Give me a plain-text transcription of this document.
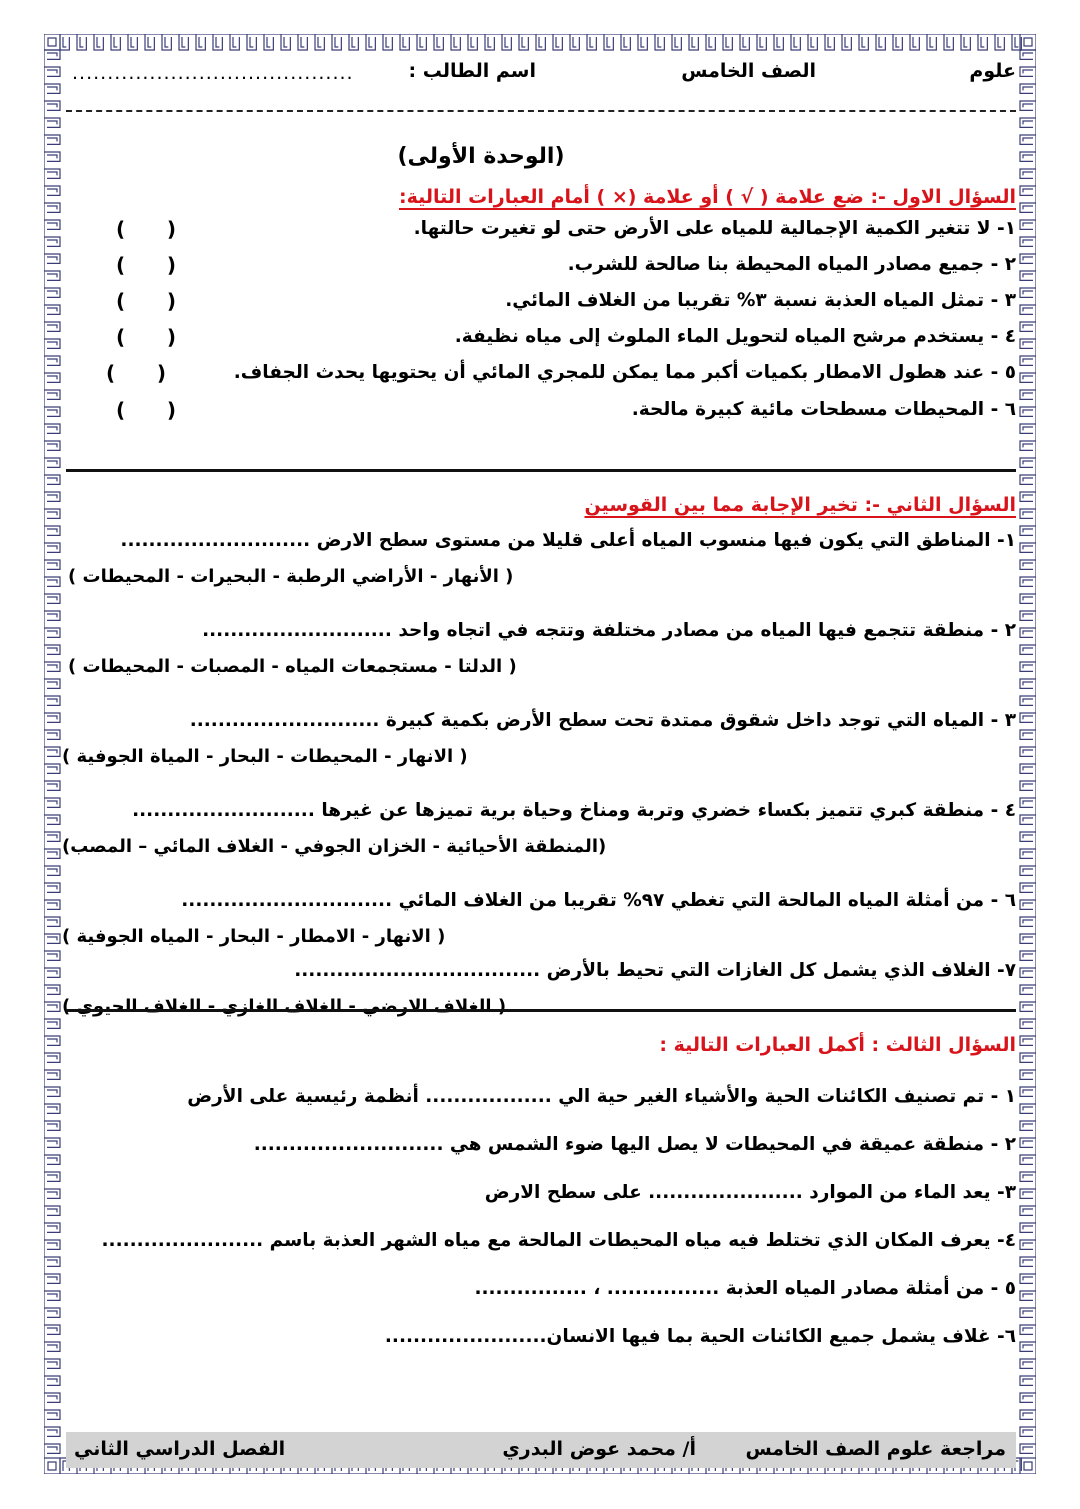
علوم
الصف الخامس
اسم الطالب :
........................................
(الوحدة الأولى)
السؤال الاول -: ضع علامة ( √ ) أو علامة (× ) أمام العبارات التالية:
١- لا تتغير الكمية الإجمالية للمياه على الأرض حتى لو تغيرت حالتها.
( )
٢ - جميع مصادر المياه المحيطة بنا صالحة للشرب.
( )
٣ - تمثل المياه العذبة نسبة ٣% تقريبا من الغلاف المائي.
( )
٤ - يستخدم مرشح المياه لتحويل الماء الملوث إلى مياه نظيفة.
( )
٥ - عند هطول الامطار بكميات أكبر مما يمكن للمجري المائي أن يحتويها يحدث الجفاف.
( )
٦ - المحيطات مسطحات مائية كبيرة مالحة.
( )
السؤال الثاني -: تخير الإجابة مما بين القوسين
١- المناطق التي يكون فيها منسوب المياه أعلى قليلا من مستوى سطح الارض ...........................
( الأنهار - الأراضي الرطبة - البحيرات - المحيطات )
٢ - منطقة تتجمع فيها المياه من مصادر مختلفة وتتجه في اتجاه واحد ...........................
( الدلتا - مستجمعات المياه - المصبات - المحيطات )
٣ - المياه التي توجد داخل شقوق ممتدة تحت سطح الأرض بكمية كبيرة ...........................
( الانهار - المحيطات - البحار - المياة الجوفية )
٤ - منطقة كبري تتميز بكساء خضري وتربة ومناخ وحياة برية تميزها عن غيرها ..........................
(المنطقة الأحيائية - الخزان الجوفي - الغلاف المائي – المصب)
٦ - من أمثلة المياه المالحة التي تغطي ٩٧% تقريبا من الغلاف المائي ..............................
( الانهار - الامطار - البحار - المياه الجوفية )
٧- الغلاف الذي يشمل كل الغازات التي تحيط بالأرض ...................................
( الغلاف الارضي - الغلاف الغازي - الغلاف الحيوي )
السؤال الثالث : أكمل العبارات التالية :
١ - تم تصنيف الكائنات الحية والأشياء الغير حية الي .................. أنظمة رئيسية على الأرض
٢ - منطقة عميقة في المحيطات لا يصل اليها ضوء الشمس هي ...........................
٣- يعد الماء من الموارد ...................... على سطح الارض
٤- يعرف المكان الذي تختلط فيه مياه المحيطات المالحة مع مياه الشهر العذبة باسم .......................
٥ - من أمثلة مصادر المياه العذبة ................ ، ................
٦- غلاف يشمل جميع الكائنات الحية بما فيها الانسان.......................
مراجعة علوم الصف الخامس
أ/ محمد عوض البدري
الفصل الدراسي الثاني
